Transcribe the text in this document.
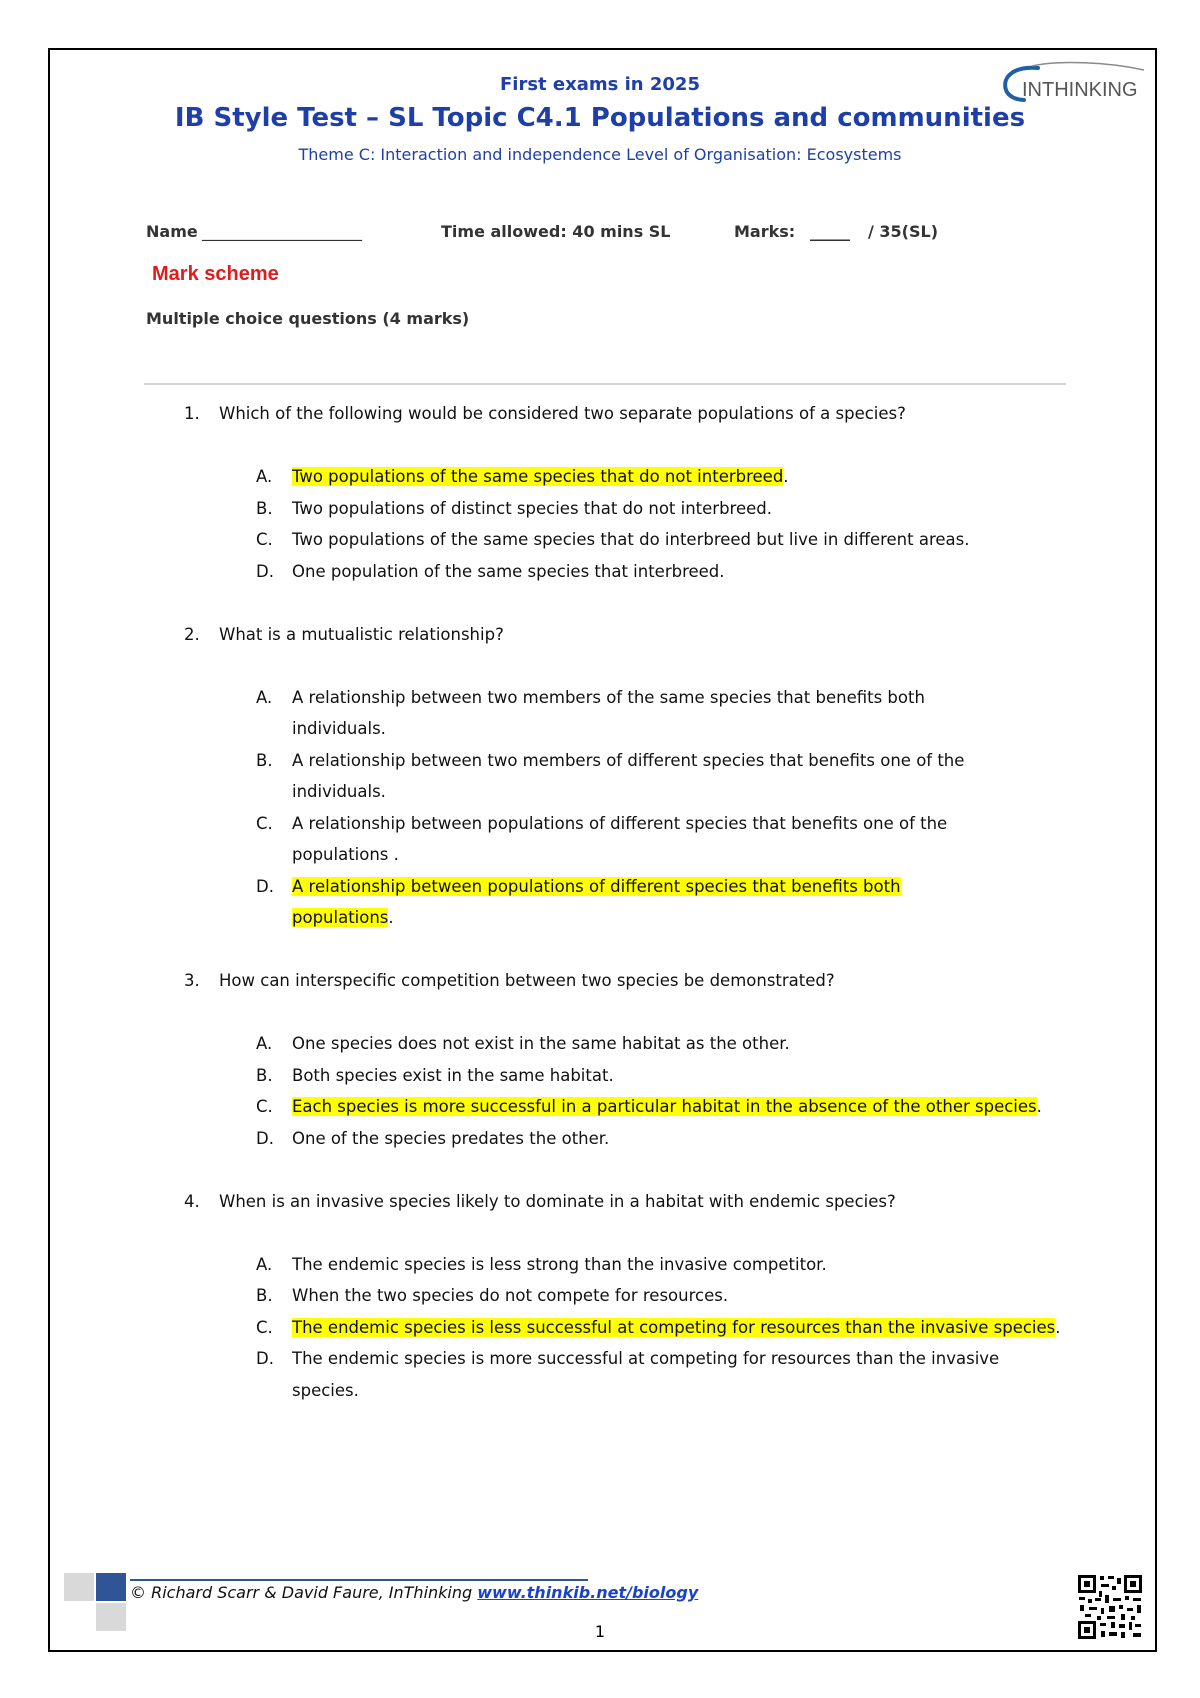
First exams in 2025
IB Style Test – SL Topic C4.1 Populations and communities
Theme C: Interaction and independence Level of Organisation: Ecosystems
INTHINKING
Name ____________________	Time allowed: 40 mins SL	Marks: _____ / 35(SL)
Mark scheme
Multiple choice questions (4 marks)
1. Which of the following would be considered two separate populations of a species?
A. Two populations of the same species that do not interbreed.
B. Two populations of distinct species that do not interbreed.
C. Two populations of the same species that do interbreed but live in different areas.
D. One population of the same species that interbreed.
2. What is a mutualistic relationship?
A. A relationship between two members of the same species that benefits both individuals.
B. A relationship between two members of different species that benefits one of the individuals.
C. A relationship between populations of different species that benefits one of the populations .
D. A relationship between populations of different species that benefits both populations.
3. How can interspecific competition between two species be demonstrated?
A. One species does not exist in the same habitat as the other.
B. Both species exist in the same habitat.
C. Each species is more successful in a particular habitat in the absence of the other species.
D. One of the species predates the other.
4. When is an invasive species likely to dominate in a habitat with endemic species?
A. The endemic species is less strong than the invasive competitor.
B. When the two species do not compete for resources.
C. The endemic species is less successful at competing for resources than the invasive species.
D. The endemic species is more successful at competing for resources than the invasive species.
© Richard Scarr & David Faure, InThinking www.thinkib.net/biology
1
